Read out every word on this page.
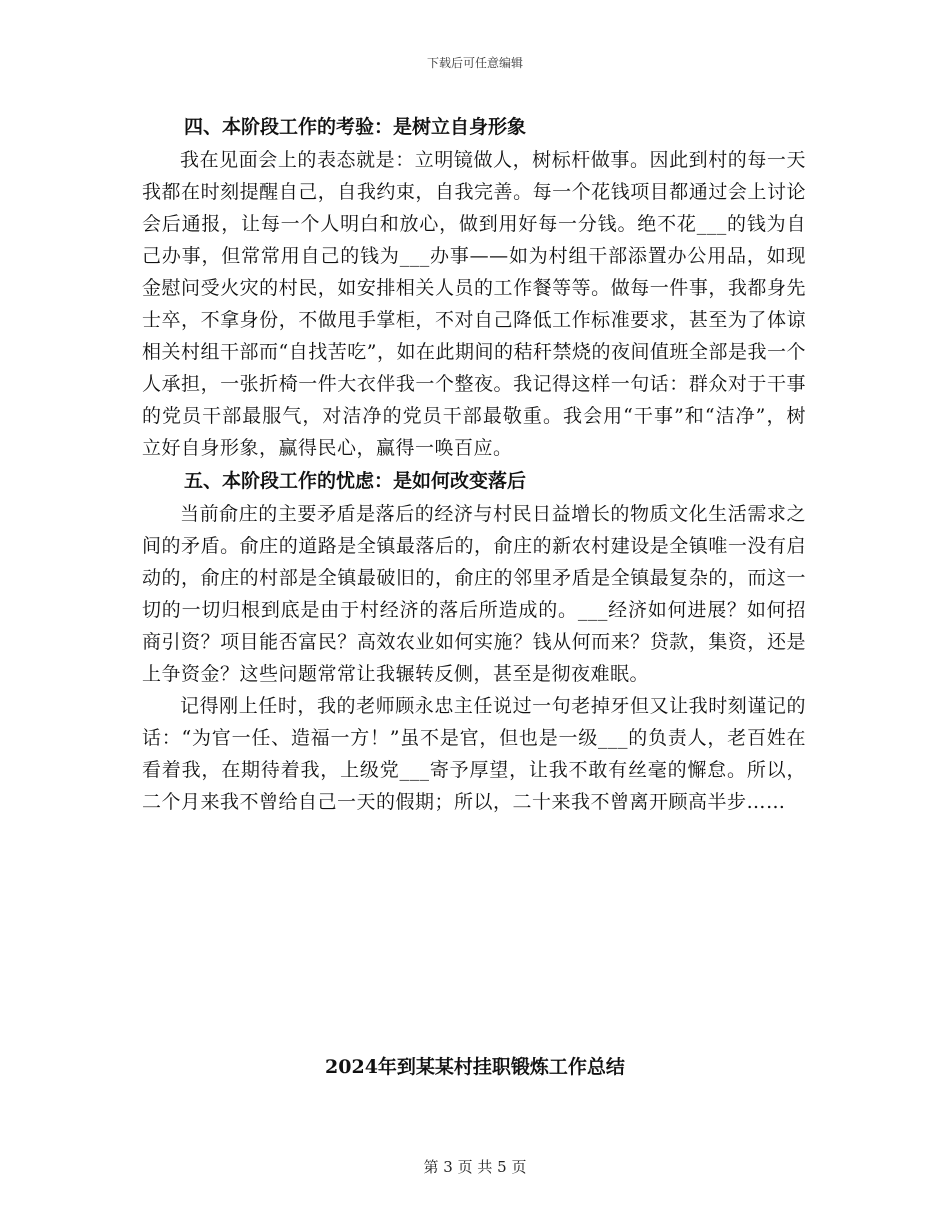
下载后可任意编辑
四、本阶段工作的考验：是树立自身形象

我在见面会上的表态就是：立明镜做人，树标杆做事。因此到村的每一天我都在时刻提醒自己，自我约束，自我完善。每一个花钱项目都通过会上讨论会后通报，让每一个人明白和放心，做到用好每一分钱。绝不花___的钱为自己办事，但常常用自己的钱为___办事——如为村组干部添置办公用品，如现金慰问受火灾的村民，如安排相关人员的工作餐等等。做每一件事，我都身先士卒，不拿身份，不做甩手掌柜，不对自己降低工作标准要求，甚至为了体谅相关村组干部而“自找苦吃”，如在此期间的秸秆禁烧的夜间值班全部是我一个人承担，一张折椅一件大衣伴我一个整夜。我记得这样一句话：群众对于干事的党员干部最服气，对洁净的党员干部最敬重。我会用“干事”和“洁净”，树立好自身形象，赢得民心，赢得一唤百应。

五、本阶段工作的忧虑：是如何改变落后

当前俞庄的主要矛盾是落后的经济与村民日益增长的物质文化生活需求之间的矛盾。俞庄的道路是全镇最落后的，俞庄的新农村建设是全镇唯一没有启动的，俞庄的村部是全镇最破旧的，俞庄的邻里矛盾是全镇最复杂的，而这一切的一切归根到底是由于村经济的落后所造成的。___经济如何进展？如何招商引资？项目能否富民？高效农业如何实施？钱从何而来？贷款，集资，还是上争资金？这些问题常常让我辗转反侧，甚至是彻夜难眠。

记得刚上任时，我的老师顾永忠主任说过一句老掉牙但又让我时刻谨记的话：“为官一任、造福一方！”虽不是官，但也是一级___的负责人，老百姓在看着我，在期待着我，上级党___寄予厚望，让我不敢有丝毫的懈怠。所以，二个月来我不曾给自己一天的假期；所以，二十来我不曾离开顾高半步……

2024年到某某村挂职锻炼工作总结
第 3 页 共 5 页
